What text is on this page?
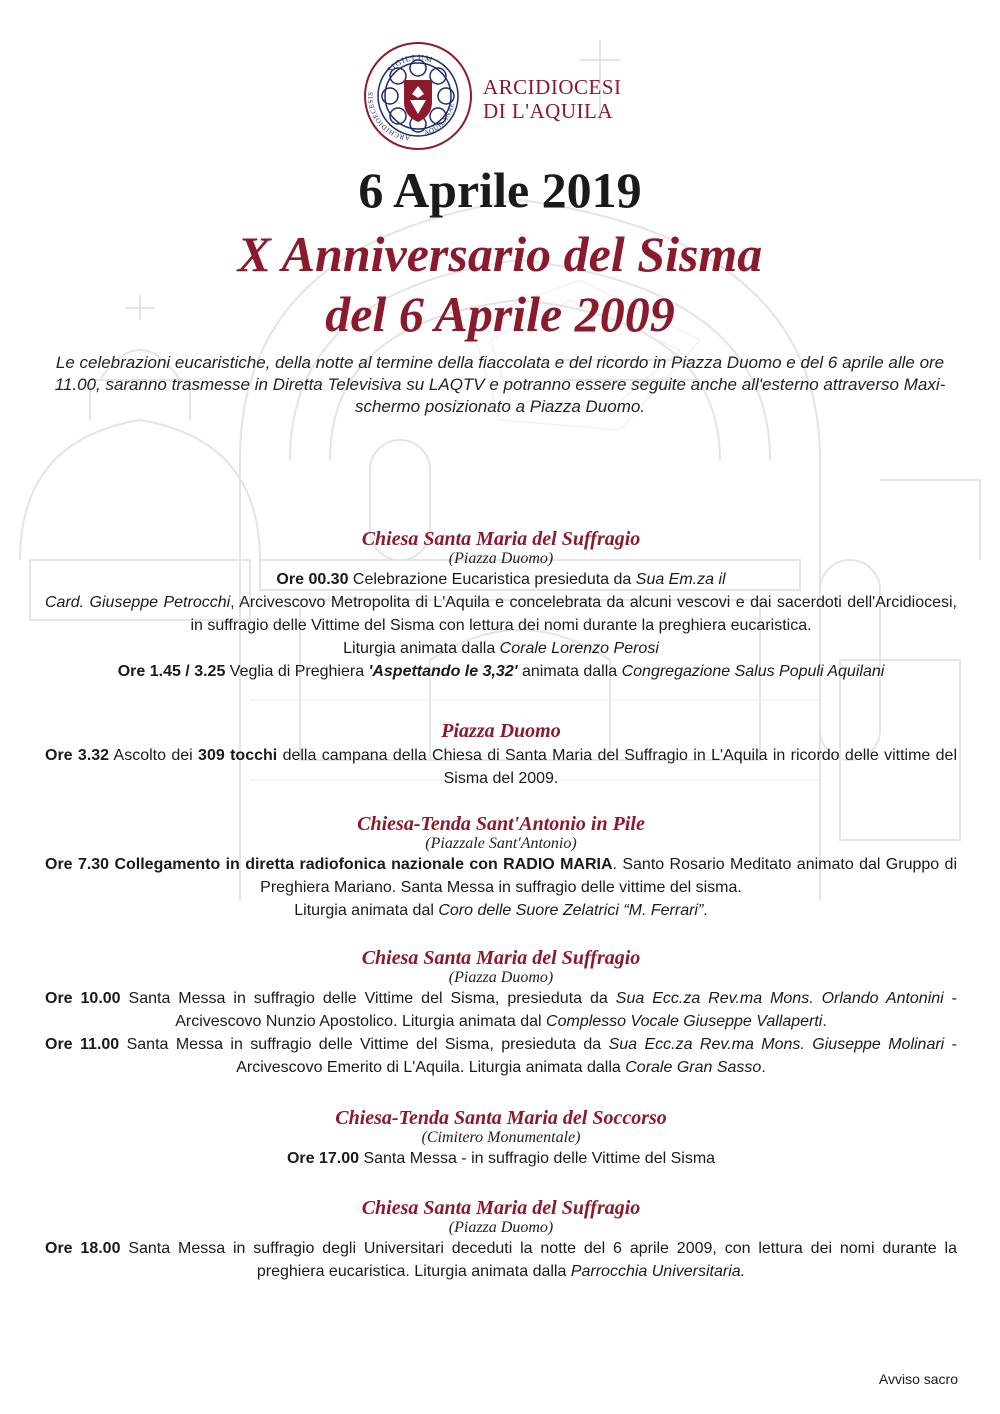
SIGILLUM
ARCHIDIOECESIS
AQUILANAE
ARCIDIOCESI
DI L'AQUILA
6 Aprile 2019
X Anniversario del Sisma
del 6 Aprile 2009
Le celebrazioni eucaristiche, della notte al termine della fiaccolata e del ricordo in Piazza Duomo e del 6 aprile alle ore 11.00, saranno trasmesse in Diretta Televisiva su LAQTV e potranno essere seguite anche all'esterno attraverso Maxi-schermo posizionato a Piazza Duomo.
Chiesa Santa Maria del Suffragio
(Piazza Duomo)
Ore 00.30 Celebrazione Eucaristica presieduta da Sua Em.za il
Card. Giuseppe Petrocchi, Arcivescovo Metropolita di L'Aquila e concelebrata da alcuni vescovi e dai sacerdoti dell'Arcidiocesi, in suffragio delle Vittime del Sisma con lettura dei nomi durante la preghiera eucaristica.
Liturgia animata dalla Corale Lorenzo Perosi
Ore 1.45 / 3.25 Veglia di Preghiera 'Aspettando le 3,32' animata dalla Congregazione Salus Populi Aquilani
Piazza Duomo
Ore 3.32 Ascolto dei 309 tocchi della campana della Chiesa di Santa Maria del Suffragio in L'Aquila in ricordo delle vittime del Sisma del 2009.
Chiesa-Tenda Sant'Antonio in Pile
(Piazzale Sant'Antonio)
Ore 7.30 Collegamento in diretta radiofonica nazionale con RADIO MARIA. Santo Rosario Meditato animato dal Gruppo di Preghiera Mariano. Santa Messa in suffragio delle vittime del sisma.
Liturgia animata dal Coro delle Suore Zelatrici “M. Ferrari”.
Chiesa Santa Maria del Suffragio
(Piazza Duomo)
Ore 10.00 Santa Messa in suffragio delle Vittime del Sisma, presieduta da Sua Ecc.za Rev.ma Mons. Orlando Antonini - Arcivescovo Nunzio Apostolico. Liturgia animata dal Complesso Vocale Giuseppe Vallaperti.
Ore 11.00 Santa Messa in suffragio delle Vittime del Sisma, presieduta da Sua Ecc.za Rev.ma Mons. Giuseppe Molinari - Arcivescovo Emerito di L'Aquila. Liturgia animata dalla Corale Gran Sasso.
Chiesa-Tenda Santa Maria del Soccorso
(Cimitero Monumentale)
Ore 17.00 Santa Messa - in suffragio delle Vittime del Sisma
Chiesa Santa Maria del Suffragio
(Piazza Duomo)
Ore 18.00 Santa Messa in suffragio degli Universitari deceduti la notte del 6 aprile 2009, con lettura dei nomi durante la preghiera eucaristica. Liturgia animata dalla Parrocchia Universitaria.
Avviso sacro
